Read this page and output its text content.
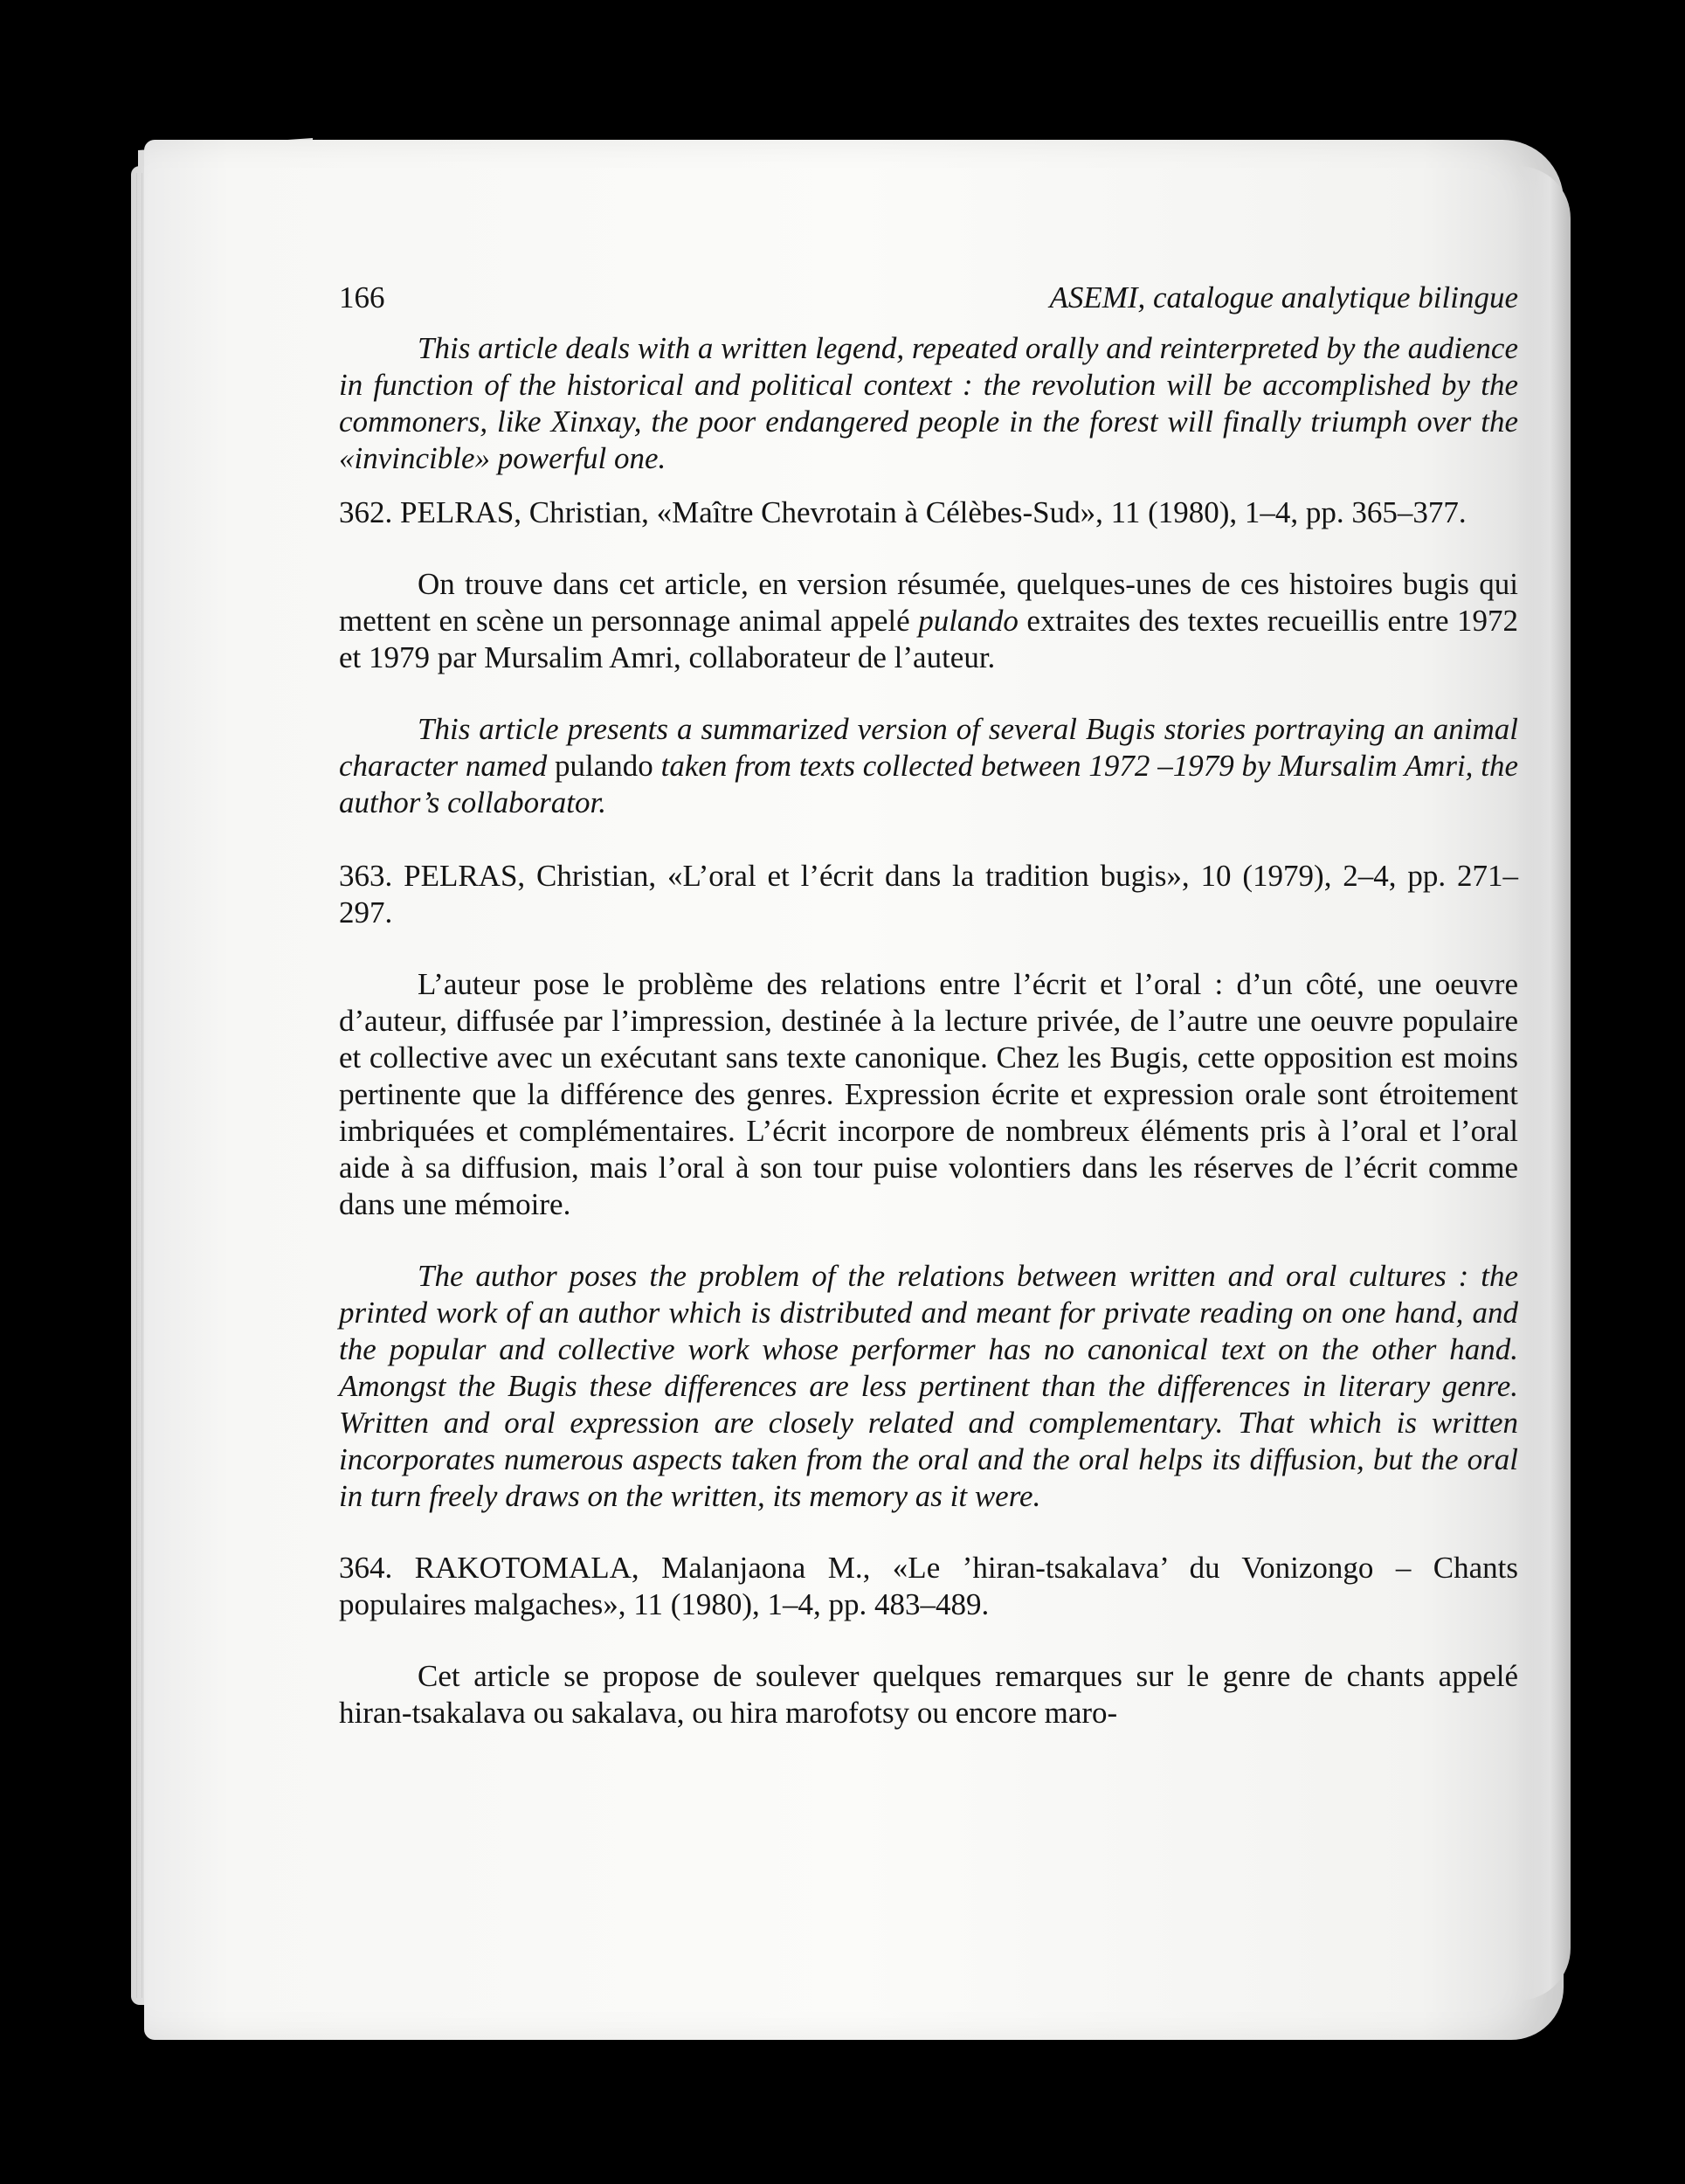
166	ASEMI, catalogue analytique bilingue

This article deals with a written legend, repeated orally and reinterpreted by the audience in function of the historical and political context : the revolution will be accomplished by the commoners, like Xinxay, the poor endangered people in the forest will finally triumph over the «invincible» powerful one.

362. PELRAS, Christian, «Maître Chevrotain à Célèbes-Sud», 11 (1980), 1–4, pp. 365–377.

On trouve dans cet article, en version résumée, quelques-unes de ces histoires bugis qui mettent en scène un personnage animal appelé pulando extraites des textes recueillis entre 1972 et 1979 par Mursalim Amri, collaborateur de l’auteur.

This article presents a summarized version of several Bugis stories portraying an animal character named pulando taken from texts collected between 1972 –1979 by Mursalim Amri, the author’s collaborator.

363. PELRAS, Christian, «L’oral et l’écrit dans la tradition bugis», 10 (1979), 2–4, pp. 271–297.

L’auteur pose le problème des relations entre l’écrit et l’oral : d’un côté, une oeuvre d’auteur, diffusée par l’impression, destinée à la lecture privée, de l’autre une oeuvre populaire et collective avec un exécutant sans texte canonique. Chez les Bugis, cette opposition est moins pertinente que la différence des genres. Expression écrite et expression orale sont étroitement imbriquées et complémentaires. L’écrit incorpore de nombreux éléments pris à l’oral et l’oral aide à sa diffusion, mais l’oral à son tour puise volontiers dans les réserves de l’écrit comme dans une mémoire.

The author poses the problem of the relations between written and oral cultures : the printed work of an author which is distributed and meant for private reading on one hand, and the popular and collective work whose performer has no canonical text on the other hand. Amongst the Bugis these differences are less pertinent than the differences in literary genre. Written and oral expression are closely related and complementary. That which is written incorporates numerous aspects taken from the oral and the oral helps its diffusion, but the oral in turn freely draws on the written, its memory as it were.

364. RAKOTOMALA, Malanjaona M., «Le ’hiran-tsakalava’ du Vonizongo – Chants populaires malgaches», 11 (1980), 1–4, pp. 483–489.

Cet article se propose de soulever quelques remarques sur le genre de chants appelé hiran-tsakalava ou sakalava, ou hira marofotsy ou encore maro-
